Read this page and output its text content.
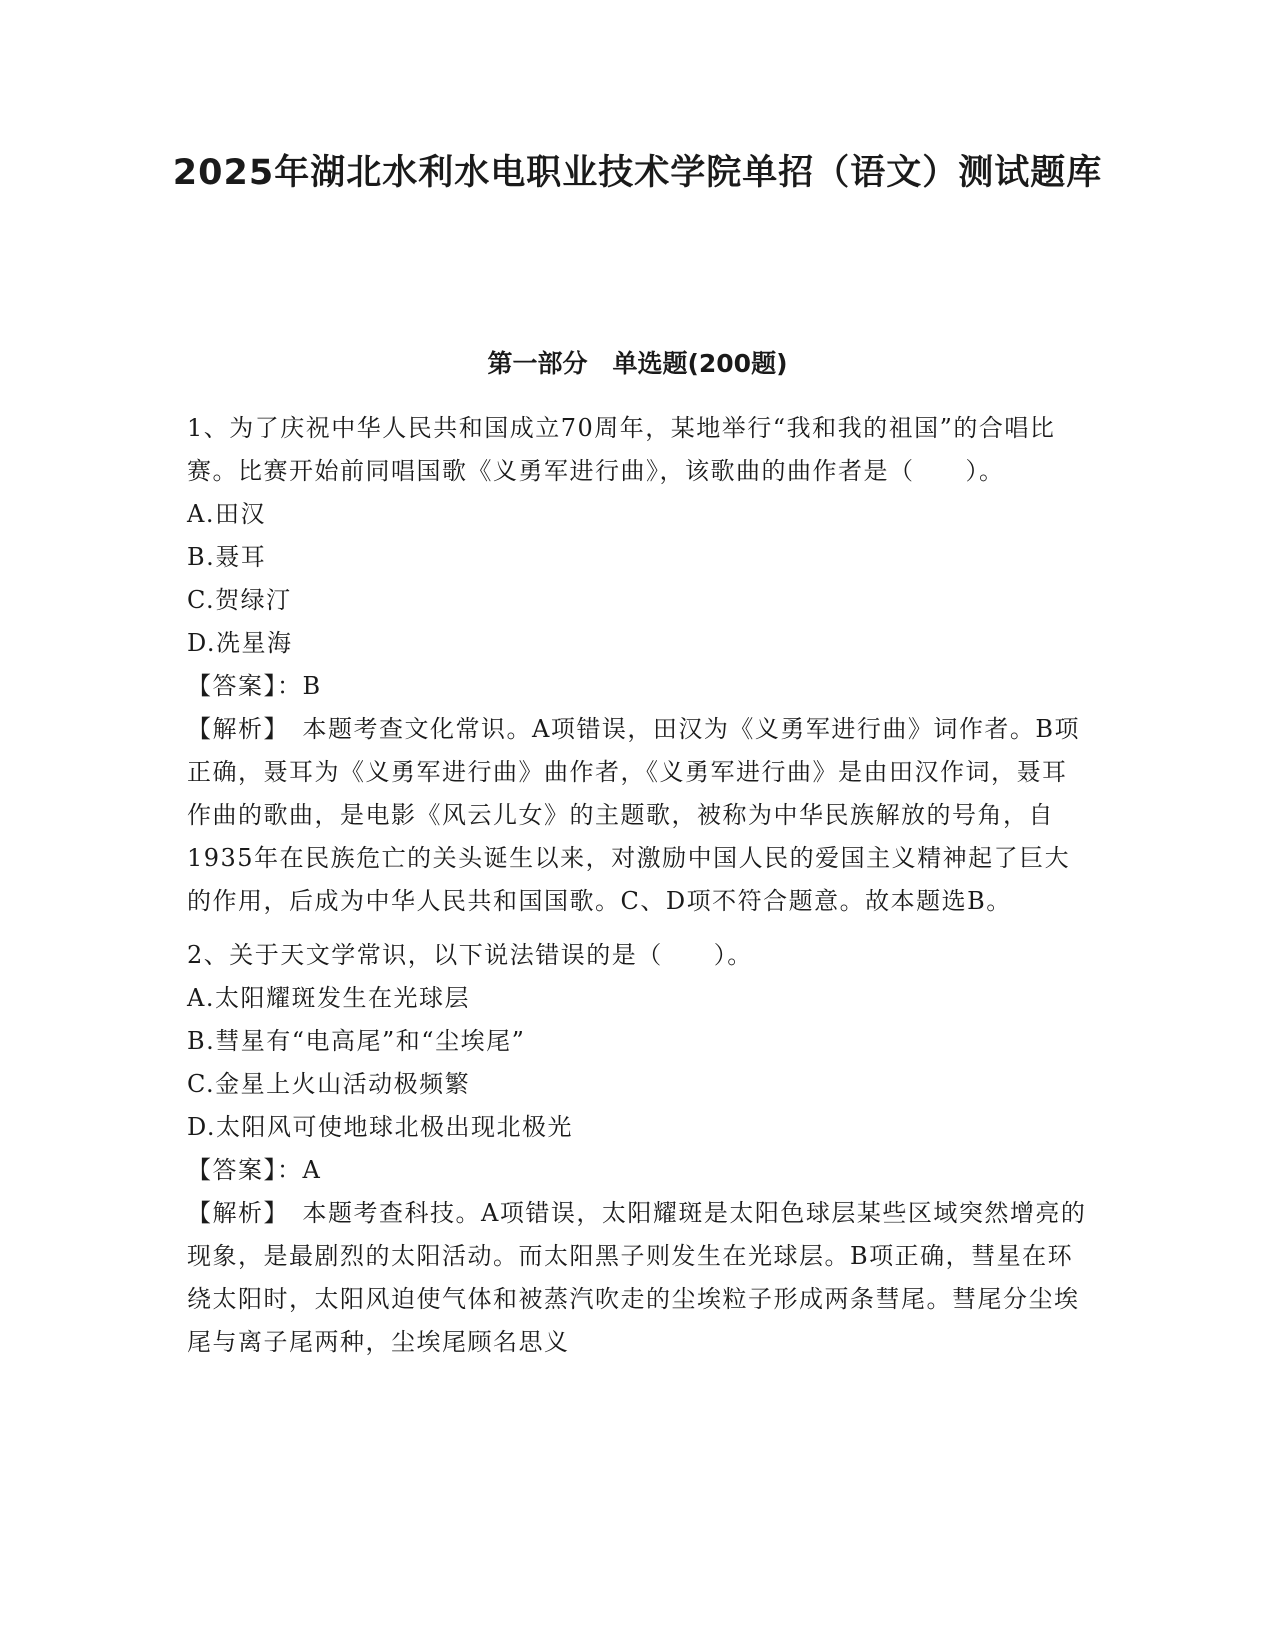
2025年湖北水利水电职业技术学院单招（语文）测试题库
第一部分　单选题(200题)
1、为了庆祝中华人民共和国成立70周年，某地举行“我和我的祖国”的合唱比赛。比赛开始前同唱国歌《义勇军进行曲》，该歌曲的曲作者是（　　）。
A.田汉
B.聂耳
C.贺绿汀
D.冼星海
【答案】：B
【解析】　本题考查文化常识。A项错误，田汉为《义勇军进行曲》词作者。B项正确，聂耳为《义勇军进行曲》曲作者，《义勇军进行曲》是由田汉作词，聂耳作曲的歌曲，是电影《风云儿女》的主题歌，被称为中华民族解放的号角，自1935年在民族危亡的关头诞生以来，对激励中国人民的爱国主义精神起了巨大的作用，后成为中华人民共和国国歌。C、D项不符合题意。故本题选B。
2、关于天文学常识，以下说法错误的是（　　）。
A.太阳耀斑发生在光球层
B.彗星有“电高尾”和“尘埃尾”
C.金星上火山活动极频繁
D.太阳风可使地球北极出现北极光
【答案】：A
【解析】　本题考查科技。A项错误，太阳耀斑是太阳色球层某些区域突然增亮的现象，是最剧烈的太阳活动。而太阳黑子则发生在光球层。B项正确，彗星在环绕太阳时，太阳风迫使气体和被蒸汽吹走的尘埃粒子形成两条彗尾。彗尾分尘埃尾与离子尾两种，尘埃尾顾名思义
